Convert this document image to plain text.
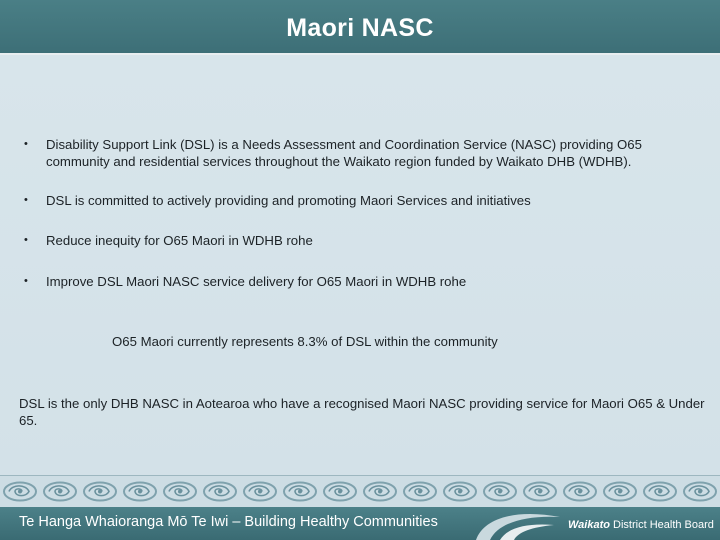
Maori NASC
•	Disability Support Link (DSL) is a Needs Assessment and Coordination Service (NASC) providing O65 community and residential services throughout the Waikato region funded by Waikato DHB (WDHB).
•	DSL is committed to actively providing and promoting Maori Services and initiatives
•	Reduce inequity for O65 Maori in WDHB rohe
•	Improve DSL Maori NASC service delivery for O65 Maori in WDHB rohe
O65 Maori currently represents 8.3% of DSL within the community
DSL is the only DHB NASC in Aotearoa who have a recognised Maori NASC providing service for Maori O65 & Under 65.
Te Hanga Whaioranga Mō Te Iwi – Building Healthy Communities	Waikato District Health Board
